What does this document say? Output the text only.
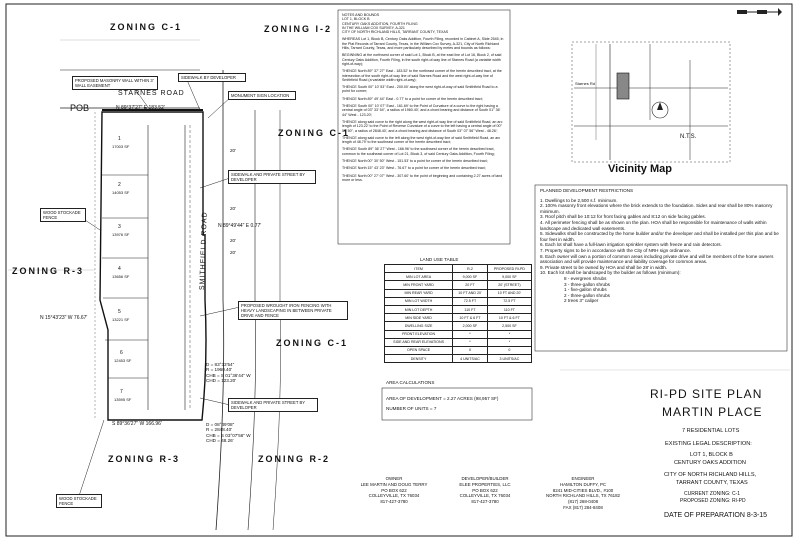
ZONING C-1	ZONING I-2
ZONING C-1
ZONING R-3
ZONING C-1
ZONING R-3	ZONING R-2
STARNES ROAD
SMITHFIELD ROAD
POB	N 89°37'27" E 183.52'
N 89°49'44" E 0.77'
N 15°43'23" W 76.67'
S 89°36'27" W 166.96'
D = 83°33'54"
R = 1960.40'
CHB = S 01°36'44" W
CHD = 123.20'
D = 08°49'08"
R = 2848.40'
CHB = S 03°07'56" W
CHD = 48.26'
1
17003 SF
2
14053 SF
3
13976 SF
4
13656 SF
5
13221 SF
6
12453 SF
7
13595 SF
20'
20'
20'
20'
PROPOSED MASONRY WALL WITHIN 3' WALL EASEMENT
SIDEWALK BY DEVELOPER
MONUMENT SIGN LOCATION
SIDEWALK AND PRIVATE STREET BY DEVELOPER
WOOD STOCKADE FENCE
PROPOSED WROUGHT IRON FENCING WITH HEAVY LANDSCAPING IN BETWEEN PRIVATE DRIVE AND FENCE
SIDEWALK AND PRIVATE STREET BY DEVELOPER
WOOD STOCKADE FENCE
NOTES AND BOUNDS
LOT 1, BLOCK B
CENTURY OAKS ADDITION, FOURTH FILING
IN THE WILLIAM COX SURVEY, A-321
CITY OF NORTH RICHLAND HILLS, TARRANT COUNTY, TEXAS

WHEREAS Lot 1, Block B, Century Oaks Addition, Fourth Filing, recorded in Cabinet A, Slide 2545, in the Plat Records of Tarrant County, Texas, in the William Cox Survey, A-321, City of North Richland Hills, Tarrant County, Texas, and more particularly described by metes and bounds as follows:

BEGINNING at the northwest corner of said Lot 1, Block B, at the east line of Lot 16, Block 2, of said Century Oaks Addition, Fourth Filing, in the south right-of-way line of Starnes Road (a variable width right-of-way);

THENCE North 89° 37' 27" East - 183.52' to the northeast corner of the herein described tract, at the intersection of the south right-of-way line of said Starnes Road and the west right-of-way line of Smithfield Road (a variable width right-of-way);

THENCE South 00° 10' 53" East - 200.00' along the west right-of-way of said Smithfield Road to a point for corner;

THENCE North 89° 49' 44" East - 0.77' to a point for corner of the herein described tract;

THENCE South 00° 10' 07" East - 161.69' to the Point of Curvature of a curve to the right having a central angle of 03° 33' 54", a radius of 1960.40', and a chord bearing and distance of South 01° 36' 44" West - 123.20';

THENCE along said curve to the right along the west right-of-way line of said Smithfield Road, an arc length of 123.22' to the Point of Reverse Curvature of a curve to the left having a central angle of 00° 57' 50", a radius of 2848.40', and a chord bearing and distance of South 03° 07' 56" West - 48.26';

THENCE along said curve to the left along the west right-of-way line of said Smithfield Road, an arc length of 48.79' to the southeast corner of the herein described tract;

THENCE South 89° 36' 27" West - 166.96' to the southwest corner of the herein described tract, common to the southeast corner of Lot 21, Block 3, of said Century Oaks Addition, Fourth Filing;

THENCE North 00° 30' 50" West - 151.53' to a point for corner of the herein described tract;

THENCE North 15° 43' 23" West - 76.67' to a point for corner of the herein described tract;

THENCE North 00° 27' 07" West - 307.60' to the point of beginning and containing 2.27 acres of land more or less.

Starnes Rd
N.T.S.
Vicinity Map
PLANNED DEVELOPMENT RESTRICTIONS
1. Dwellings to be 2,500 s.f. minimum.
2. 100% masonry front elevations where the brick extends to the foundation. Sides and rear shall be 80% masonry minimum.
3. Roof pitch shall be 10:12 for front facing gables and 8:12 on side facing gables.
4. All perimeter fencing shall be as shown on the plan. HOA shall be responsible for maintenance of walls within landscape and dedicated wall easements.
5. Sidewalks shall be constructed by the home builder and/or the developer and shall be installed per this plan and be four feet in width.
6. Each lot shall have a full-lawn irrigation sprinkler system with freeze and rain detectors.
7. Property signs to be in accordance with the City of NRH sign ordinance.
8. Each owner will own a portion of common areas including private drive and will be members of the home owners association and will provide maintenance and liability coverage for common areas.
9. Private street to be owned by HOA and shall be 28' in width.
10. Each lot shall be landscaped by the builder as follows (minimum):
8 - evergreen shrubs
3 - three-gallon shrubs
1 - five-gallon shrubs
2 - three-gallon shrubs
2 trees 3" caliper
LAND USE TABLE
ITEM	R-2	PROPOSED RI-PD
MIN LOT AREA	9,000 SF	9,000 SF
MIN FRONT YARD	20 FT	20' (STREET)
MIN REAR YARD	10 FT AND 20'	10 FT AND 20'
MIN LOT WIDTH	72.5 FT	72.5 FT
MIN LOT DEPTH	110 FT	110 FT
MIN SIDE YARD	10 FT & 6 FT	10 FT & 6 FT
DWELLING SIZE	2,000 SF	2,500 SF
FRONT ELEVATION	*	*
SIDE AND REAR ELEVATIONS	*	*
OPEN SPACE	0	0
DENSITY	4 UNITS/AC	3 UNITS/AC
AREA CALCULATIONS
AREA OF DEVELOPMENT = 2.27 ACRES (98,957 SF)
NUMBER OF UNITS = 7
RI-PD SITE PLAN
MARTIN PLACE
7 RESIDENTIAL LOTS
EXISTING LEGAL DESCRIPTION:
LOT 1, BLOCK B
CENTURY OAKS ADDITION
CITY OF NORTH RICHLAND HILLS,
TARRANT COUNTY, TEXAS
CURRENT ZONING: C-1
PROPOSED ZONING: RI-PD
DATE OF PREPARATION 8-3-15
OWNER
LEE MARTIN AND DOUG TERRY
PO BOX 622
COLLEYVILLE, TX 76034
817-427-3780
DEVELOPER/BUILDER
ELEE PROPERTIES, LLC
PO BOX 622
COLLEYVILLE, TX 76034
817-427-3780
ENGINEER
HAMILTON DUFFY, PC
8241 MID-CITIES BLVD., #100
NORTH RICHLAND HILLS, TX 76182
(817) 268-0408
FAX (817) 284-8408
